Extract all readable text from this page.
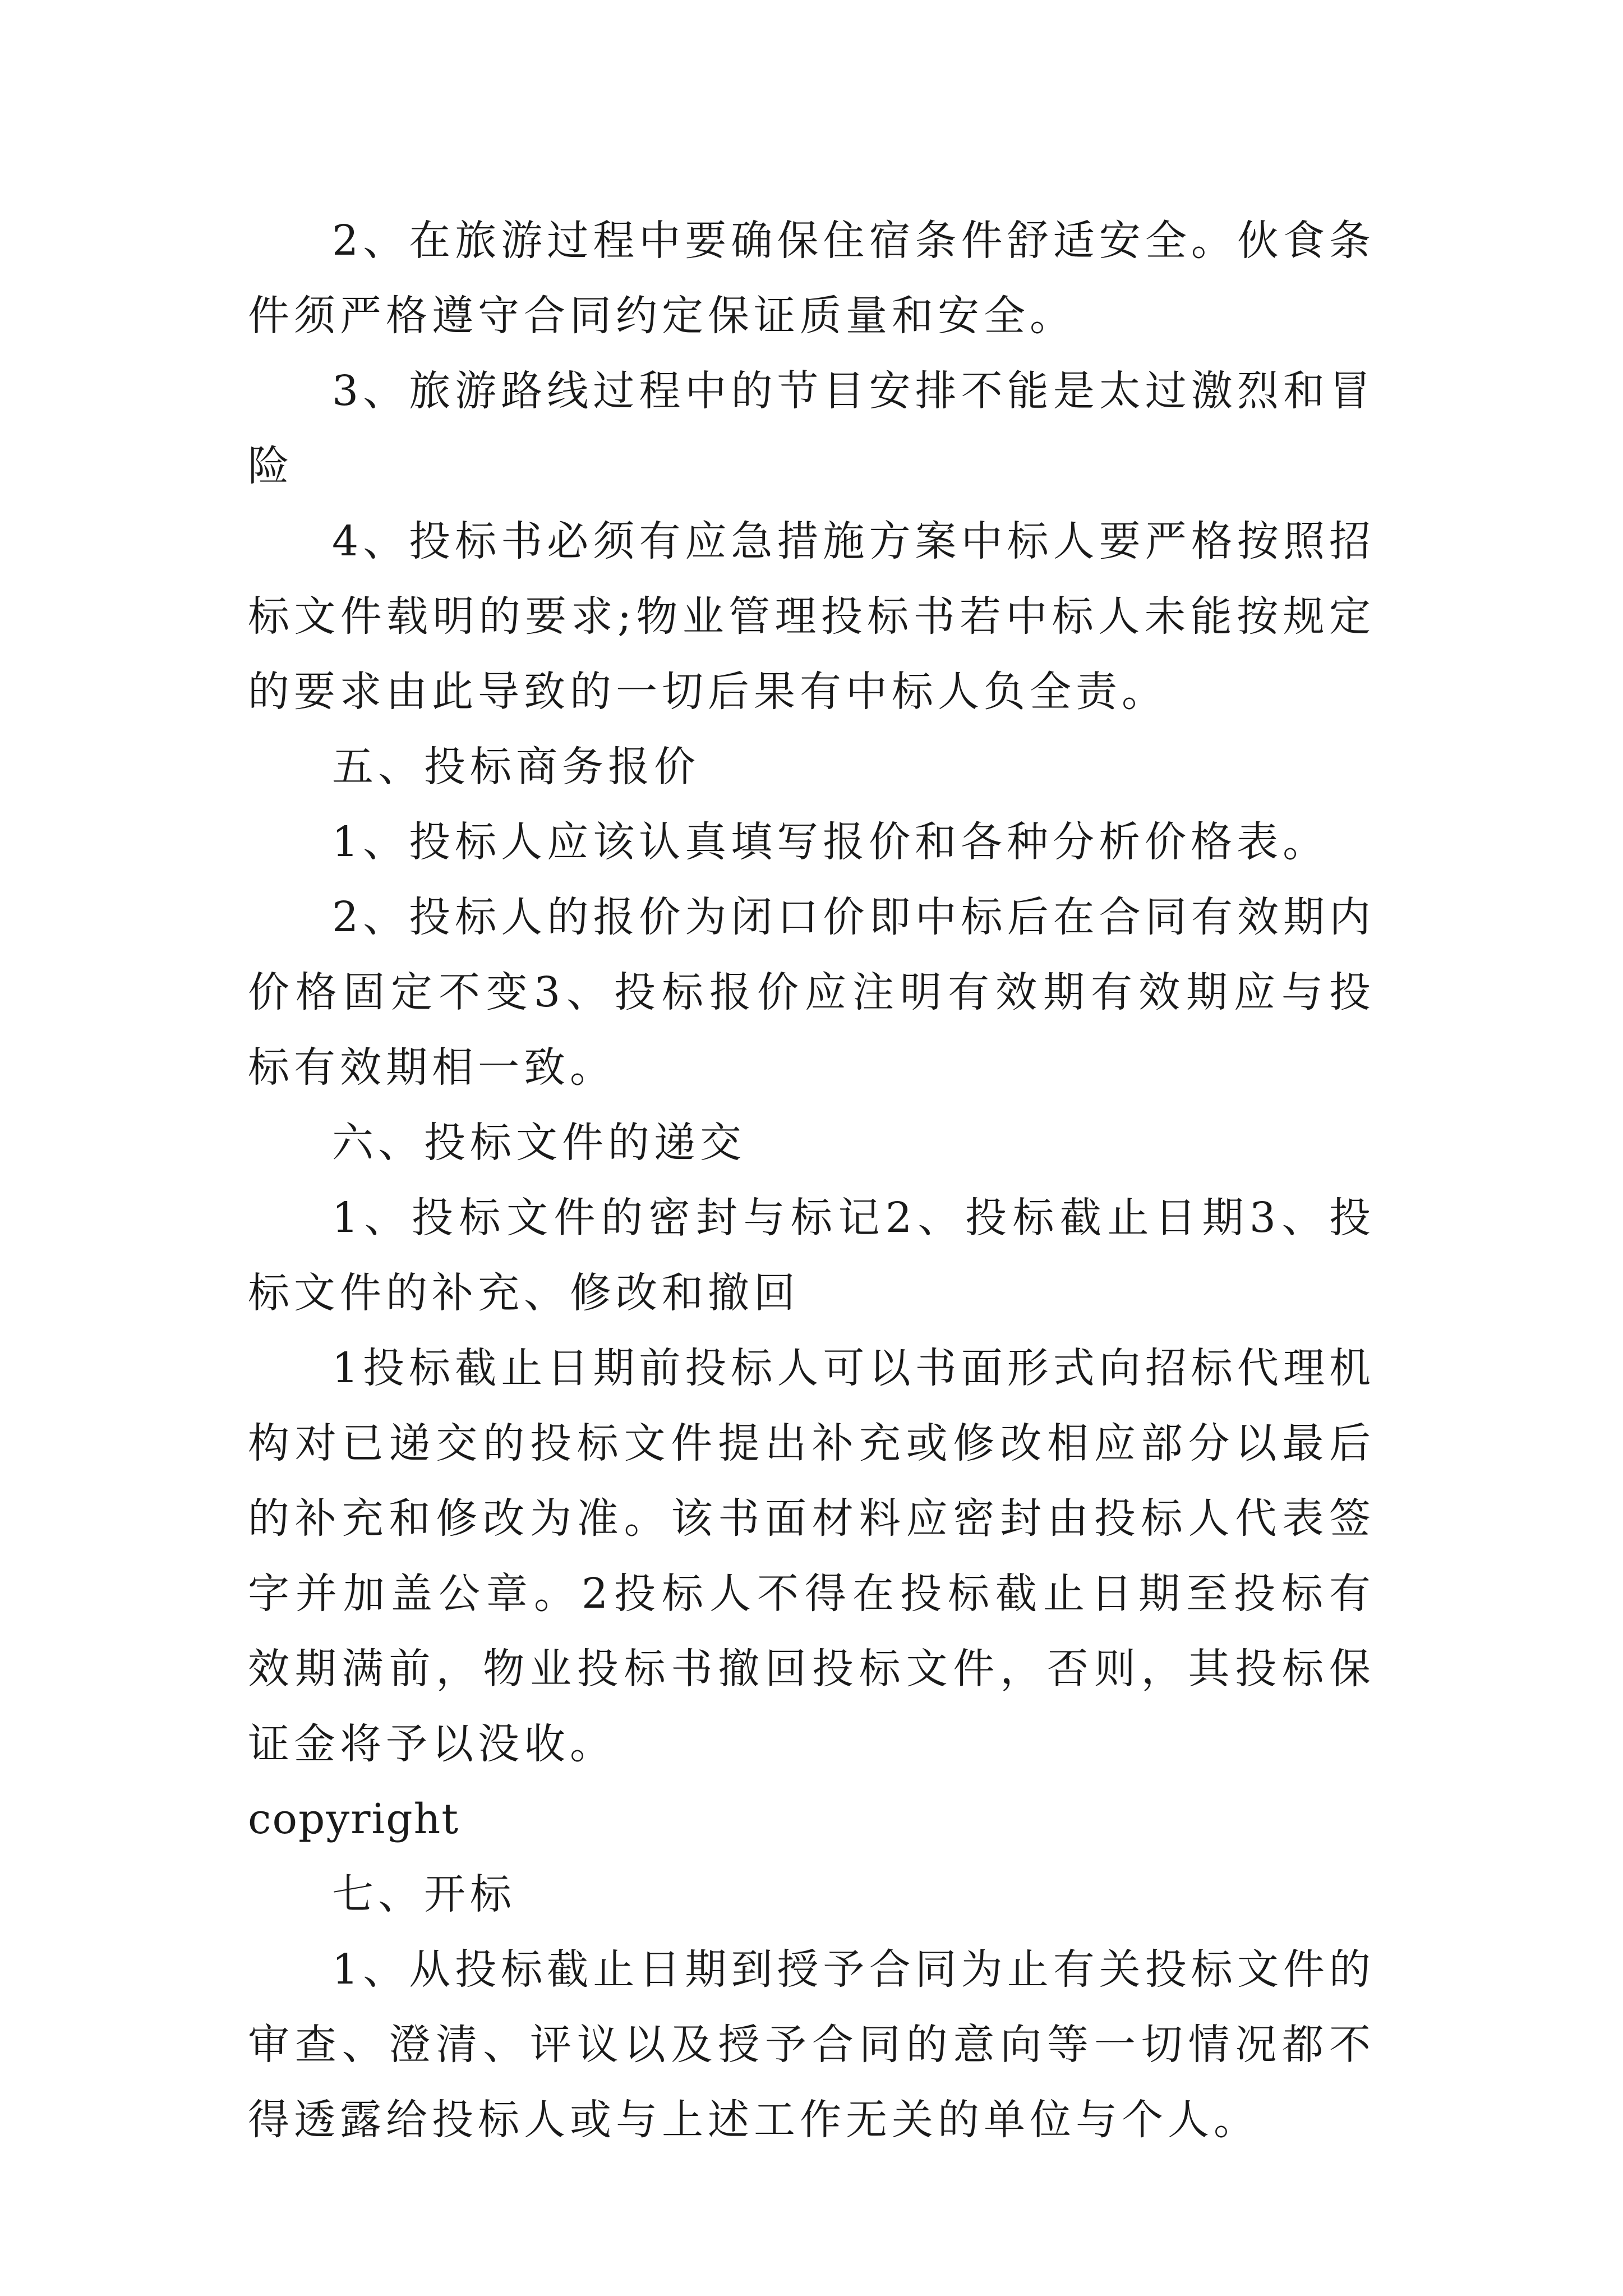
2、在旅游过程中要确保住宿条件舒适安全。伙食条件须严格遵守合同约定保证质量和安全。

3、旅游路线过程中的节目安排不能是太过激烈和冒险

4、投标书必须有应急措施方案中标人要严格按照招标文件载明的要求;物业管理投标书若中标人未能按规定的要求由此导致的一切后果有中标人负全责。

五、投标商务报价

1、投标人应该认真填写报价和各种分析价格表。

2、投标人的报价为闭口价即中标后在合同有效期内价格固定不变3、投标报价应注明有效期有效期应与投标有效期相一致。

六、投标文件的递交

1、投标文件的密封与标记2、投标截止日期3、投标文件的补充、修改和撤回

1投标截止日期前投标人可以书面形式向招标代理机构对已递交的投标文件提出补充或修改相应部分以最后的补充和修改为准。该书面材料应密封由投标人代表签字并加盖公章。2投标人不得在投标截止日期至投标有效期满前，物业投标书撤回投标文件，否则，其投标保证金将予以没收。

copyright

七、开标

1、从投标截止日期到授予合同为止有关投标文件的审查、澄清、评议以及授予合同的意向等一切情况都不得透露给投标人或与上述工作无关的单位与个人。
